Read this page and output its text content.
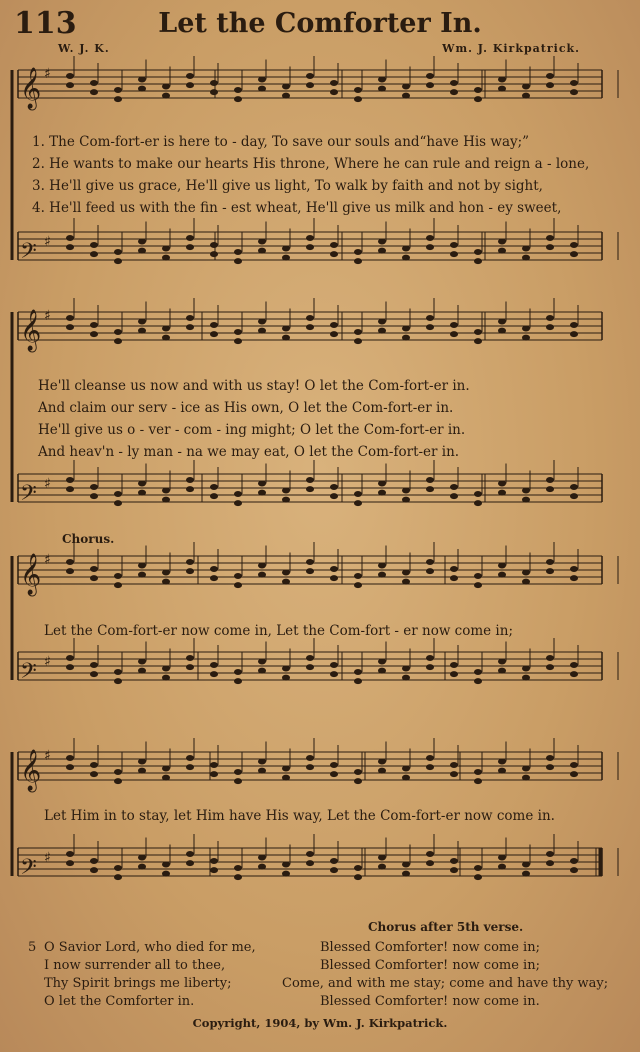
113	Let the Comforter In.
W. J. K.	Wm. J. Kirkpatrick.
𝄞 ♯
𝄢 ♯
𝄞 ♯
𝄢 ♯
𝄞 ♯
𝄢 ♯
𝄞 ♯
𝄢 ♯
1. The Com-fort-er is here to - day, To save our souls and“have His way;”
2. He wants to make our hearts His throne, Where he can rule and reign a - lone,
3. He'll give us grace, He'll give us light, To walk by faith and not by sight,
4. He'll feed us with the fin - est wheat, He'll give us milk and hon - ey sweet,
He'll cleanse us now and with us stay! O let the Com-fort-er in.
And claim our serv - ice as His own, O let the Com-fort-er in.
He'll give us o - ver - com - ing might; O let the Com-fort-er in.
And heav'n - ly man - na we may eat, O let the Com-fort-er in.
Chorus.
Let the Com-fort-er now come in, Let the Com-fort - er now come in;
Let Him in to stay, let Him have His way, Let the Com-fort-er now come in.
Chorus after 5th verse.
5 O Savior Lord, who died for me,
I now surrender all to thee,
Thy Spirit brings me liberty;
O let the Comforter in.
Blessed Comforter! now come in;
Blessed Comforter! now come in;
Come, and with me stay; come and have thy way;
Blessed Comforter! now come in.
Copyright, 1904, by Wm. J. Kirkpatrick.
